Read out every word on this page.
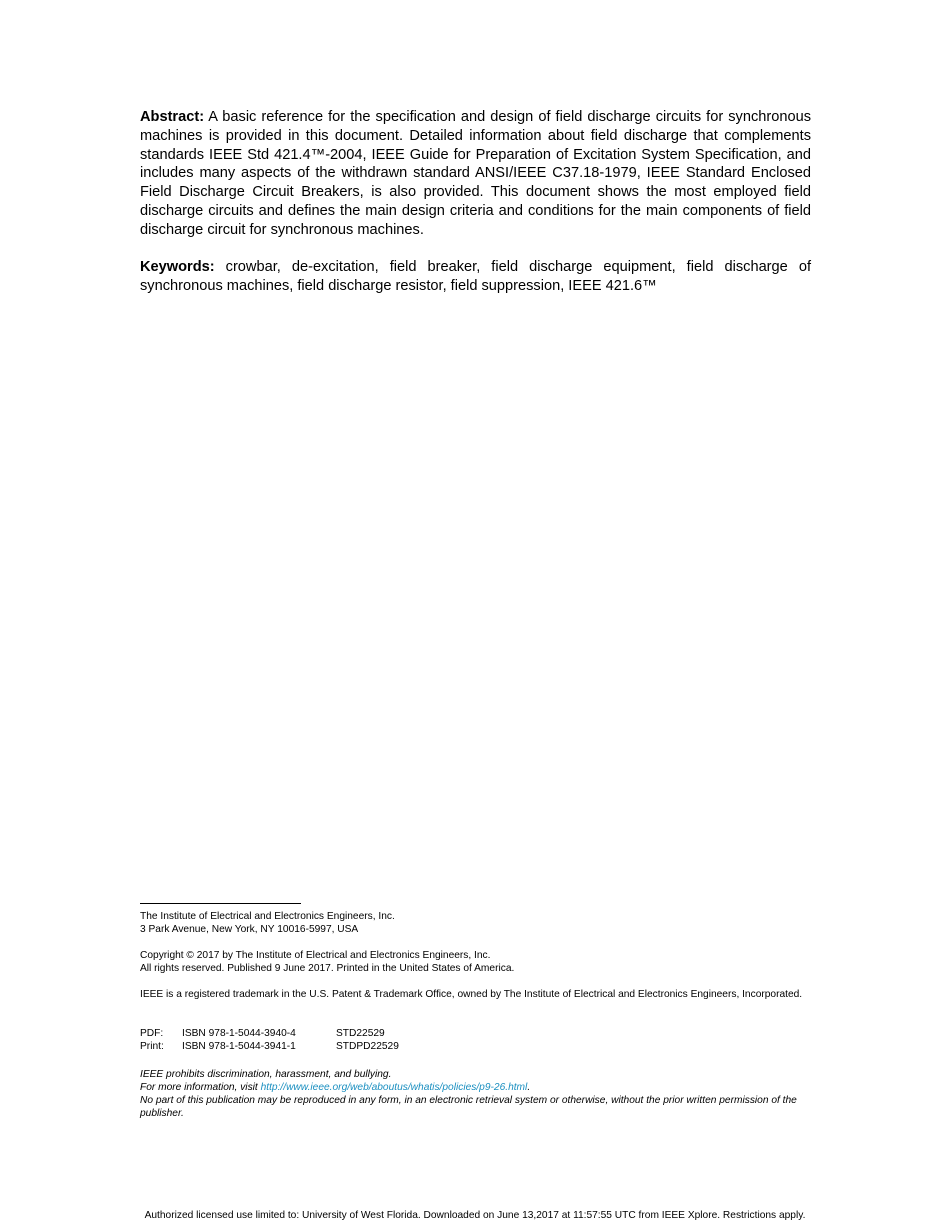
Abstract: A basic reference for the specification and design of field discharge circuits for synchronous machines is provided in this document. Detailed information about field discharge that complements standards IEEE Std 421.4™-2004, IEEE Guide for Preparation of Excitation System Specification, and includes many aspects of the withdrawn standard ANSI/IEEE C37.18-1979, IEEE Standard Enclosed Field Discharge Circuit Breakers, is also provided. This document shows the most employed field discharge circuits and defines the main design criteria and conditions for the main components of field discharge circuit for synchronous machines.

Keywords: crowbar, de-excitation, field breaker, field discharge equipment, field discharge of synchronous machines, field discharge resistor, field suppression, IEEE 421.6™

The Institute of Electrical and Electronics Engineers, Inc.
3 Park Avenue, New York, NY 10016-5997, USA
Copyright © 2017 by The Institute of Electrical and Electronics Engineers, Inc.
All rights reserved. Published 9 June 2017. Printed in the United States of America.
IEEE is a registered trademark in the U.S. Patent & Trademark Office, owned by The Institute of Electrical and Electronics Engineers, Incorporated.
PDF:	ISBN 978-1-5044-3940-4	STD22529
Print:	ISBN 978-1-5044-3941-1	STDPD22529
IEEE prohibits discrimination, harassment, and bullying.
For more information, visit http://www.ieee.org/web/aboutus/whatis/policies/p9-26.html.
No part of this publication may be reproduced in any form, in an electronic retrieval system or otherwise, without the prior written permission of the publisher.
Authorized licensed use limited to: University of West Florida. Downloaded on June 13,2017 at 11:57:55 UTC from IEEE Xplore. Restrictions apply.
